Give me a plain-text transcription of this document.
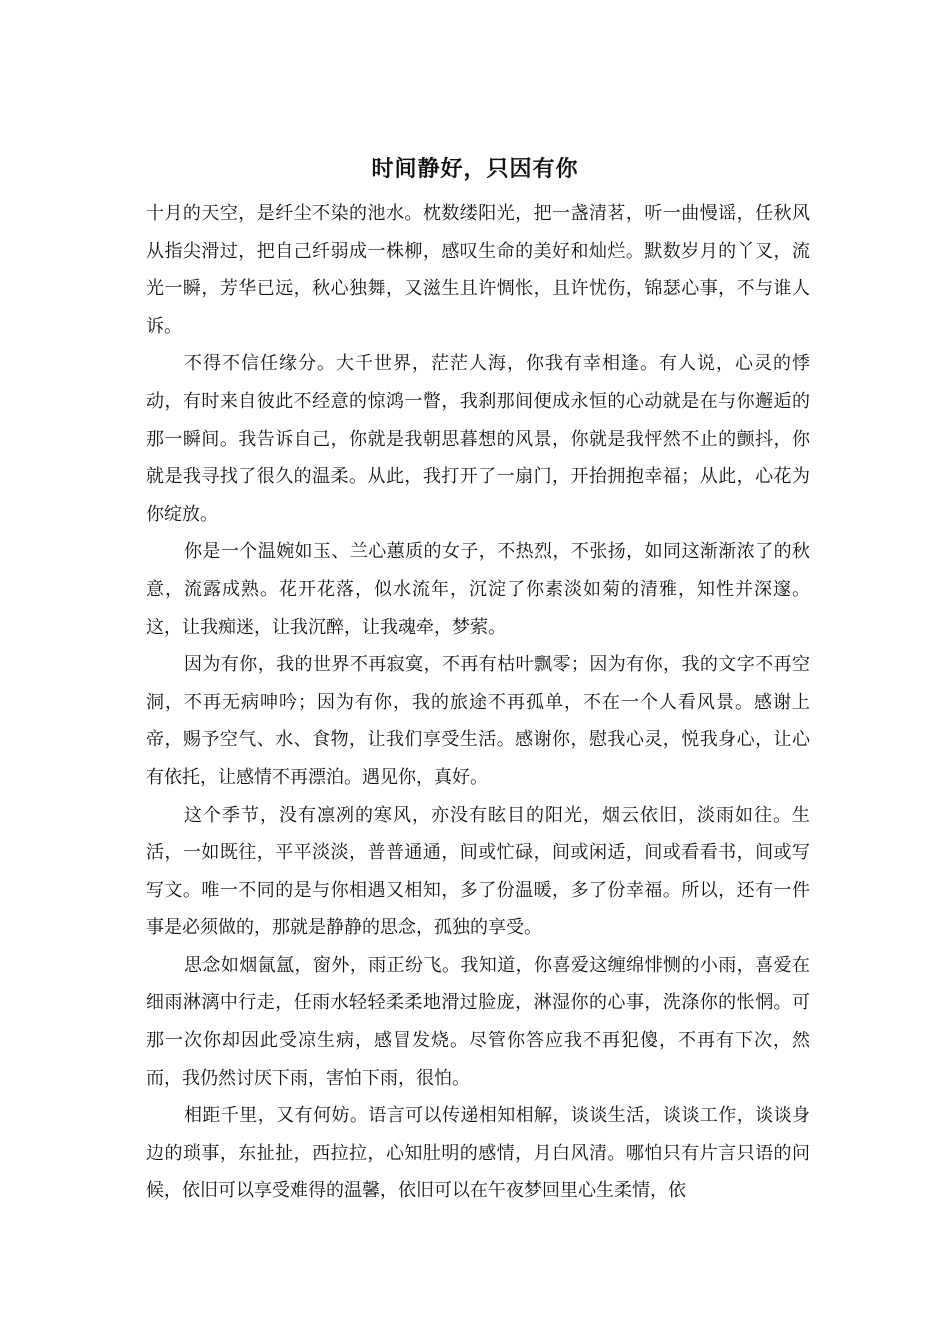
时间静好，只因有你

十月的天空，是纤尘不染的池水。枕数缕阳光，把一盏清茗，听一曲慢谣，任秋风从指尖滑过，把自己纤弱成一株柳，感叹生命的美好和灿烂。默数岁月的丫叉，流光一瞬，芳华已远，秋心独舞，又滋生且许惆怅，且许忧伤，锦瑟心事，不与谁人诉。

不得不信任缘分。大千世界，茫茫人海，你我有幸相逢。有人说，心灵的悸动，有时来自彼此不经意的惊鸿一瞥，我刹那间便成永恒的心动就是在与你邂逅的那一瞬间。我告诉自己，你就是我朝思暮想的风景，你就是我怦然不止的颤抖，你就是我寻找了很久的温柔。从此，我打开了一扇门，开抬拥抱幸福；从此，心花为你绽放。

你是一个温婉如玉、兰心蕙质的女子，不热烈，不张扬，如同这渐渐浓了的秋意，流露成熟。花开花落，似水流年，沉淀了你素淡如菊的清雅，知性并深邃。这，让我痴迷，让我沉醉，让我魂牵，梦萦。

因为有你，我的世界不再寂寞，不再有枯叶飘零；因为有你，我的文字不再空洞，不再无病呻吟；因为有你，我的旅途不再孤单，不在一个人看风景。感谢上帝，赐予空气、水、食物，让我们享受生活。感谢你，慰我心灵，悦我身心，让心有依托，让感情不再漂泊。遇见你，真好。

这个季节，没有凛冽的寒风，亦没有眩目的阳光，烟云依旧，淡雨如往。生活，一如既往，平平淡淡，普普通通，间或忙碌，间或闲适，间或看看书，间或写写文。唯一不同的是与你相遇又相知，多了份温暖，多了份幸福。所以，还有一件事是必须做的，那就是静静的思念，孤独的享受。

思念如烟氤氲，窗外，雨正纷飞。我知道，你喜爱这缠绵悱恻的小雨，喜爱在细雨淋漓中行走，任雨水轻轻柔柔地滑过脸庞，淋湿你的心事，洗涤你的怅惘。可那一次你却因此受凉生病，感冒发烧。尽管你答应我不再犯傻，不再有下次，然而，我仍然讨厌下雨，害怕下雨，很怕。

相距千里，又有何妨。语言可以传递相知相解，谈谈生活，谈谈工作，谈谈身边的琐事，东扯扯，西拉拉，心知肚明的感情，月白风清。哪怕只有片言只语的问候，依旧可以享受难得的温馨，依旧可以在午夜梦回里心生柔情，依
